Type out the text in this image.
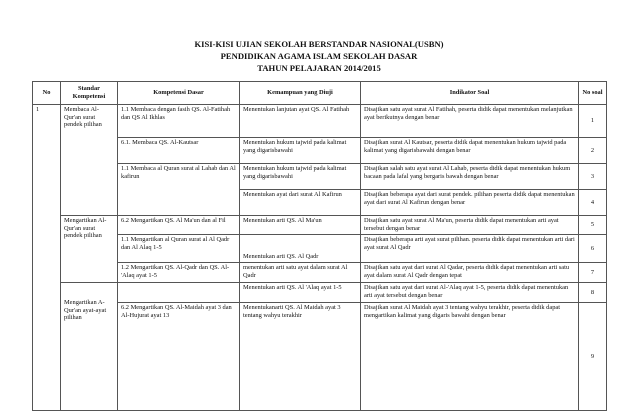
KISI-KISI UJIAN SEKOLAH BERSTANDAR NASIONAL(USBN)
PENDIDIKAN AGAMA ISLAM SEKOLAH DASAR
TAHUN PELAJARAN 2014/2015
No	Standar Kompetensi	Kompetensi Dasar	Kemampuan yang Diuji	Indikator Soal	No soal
1	Membaca Al-Qur'an surat pendek pilihan	1.1 Membaca dengan fasih QS. Al-Fatihah dan QS Al Ikhlas	Menentukan lanjutan ayat QS. Al Fatihah	Disajikan satu ayat surat Al Fatihah, peserta didik dapat menentukan melanjutkan ayat berikutnya dengan benar	1
		6.1. Membaca QS. Al-Kautsar	Menentukan hukum tajwid pada kalimat yang digarisbawahi	Disajikan surat Al Kautsar, peserta didik dapat menentukan hukum tajwid pada kalimat yang digarisbawahi dengan benar	2
		1.1 Membaca al Quran surat al Lahab dan Al kafirun	Menentukan hukum tajwid pada kalimat yang digarisbawahi	Disajikan salah satu ayat surat Al Lahab, peserta didik dapat menentukan hukum bacaan pada lafal yang bergaris bawah dengan benar	3
			Menentukan ayat dari surat Al Kafirun	Disajikan beberapa ayat dari surat pendek. pilihan peserta didik dapat menentukan ayat dari surat Al Kafirun dengan benar	4
	Mengartikan Al-Qur'an surat pendek pilihan	6.2 Mengartikan QS. Al Ma'un dan al Fil	Menentukan arti QS. Al Ma'un	Disajikan satu ayat surat Al Ma'un, peserta didik dapat menentukan arti ayat tersebut dengan benar	5
		1.1 Mengartikan al Quran surat al Al Qadr dan Al Alaq 1-5	Menentukan arti QS. Al Qadr	Disajikan beberapa arti ayat surat pilihan. peserta didik dapat menentukan arti dari ayat surat Al Qadr	6
		1.2 Mengartikan QS. Al-Qadr dan QS. Al-'Alaq ayat 1-5	menentukan arti satu ayat dalam surat Al Qadr	Disajikan satu ayat dari surat Al Qadar, peserta didik dapat menentukan arti satu ayat dalam surat Al Qadr dengan tepat	7
	Mengartikan A-Qur'an ayat-ayat pilihan		Menentukan arti QS. Al 'Alaq ayat 1-5	Disajikan satu ayat dari surat Al-'Alaq ayat 1-5, peserta didik dapat menentukan arti ayat tersebut dengan benar	8
		6.2 Mengartikan QS. Al-Maidah ayat 3 dan Al-Hujurat ayat 13	Menentukanarti QS. Al Maidah ayat 3 tentang wahyu terakhir	Disajikan surat Al Maidah ayat 3 tentang wahyu terakhir, peserta didik dapat mengartikan kalimat yang digaris bawahi dengan benar	9
